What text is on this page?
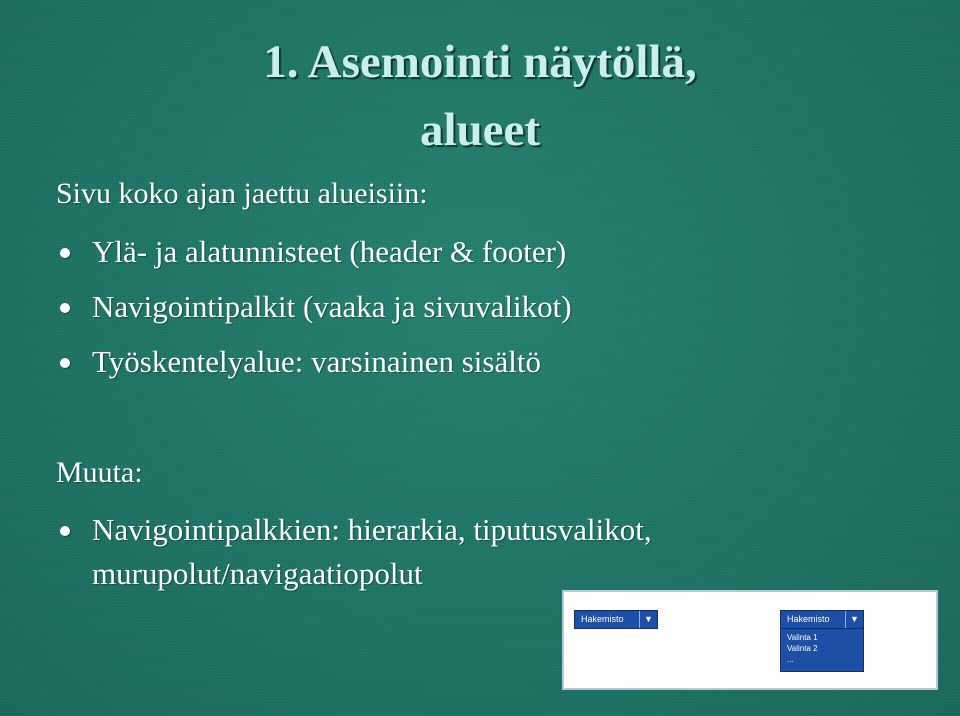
1. Asemointi näytöllä,
alueet
Sivu koko ajan jaettu alueisiin:
Ylä- ja alatunnisteet (header & footer)
Navigointipalkit (vaaka ja sivuvalikot)
Työskentelyalue: varsinainen sisältö
Muuta:
Navigointipalkkien: hierarkia, tiputusvalikot,
murupolut/navigaatiopolut
Hakemisto	▼	Hakemisto	▼
Valinta 1
Valinta 2
...
